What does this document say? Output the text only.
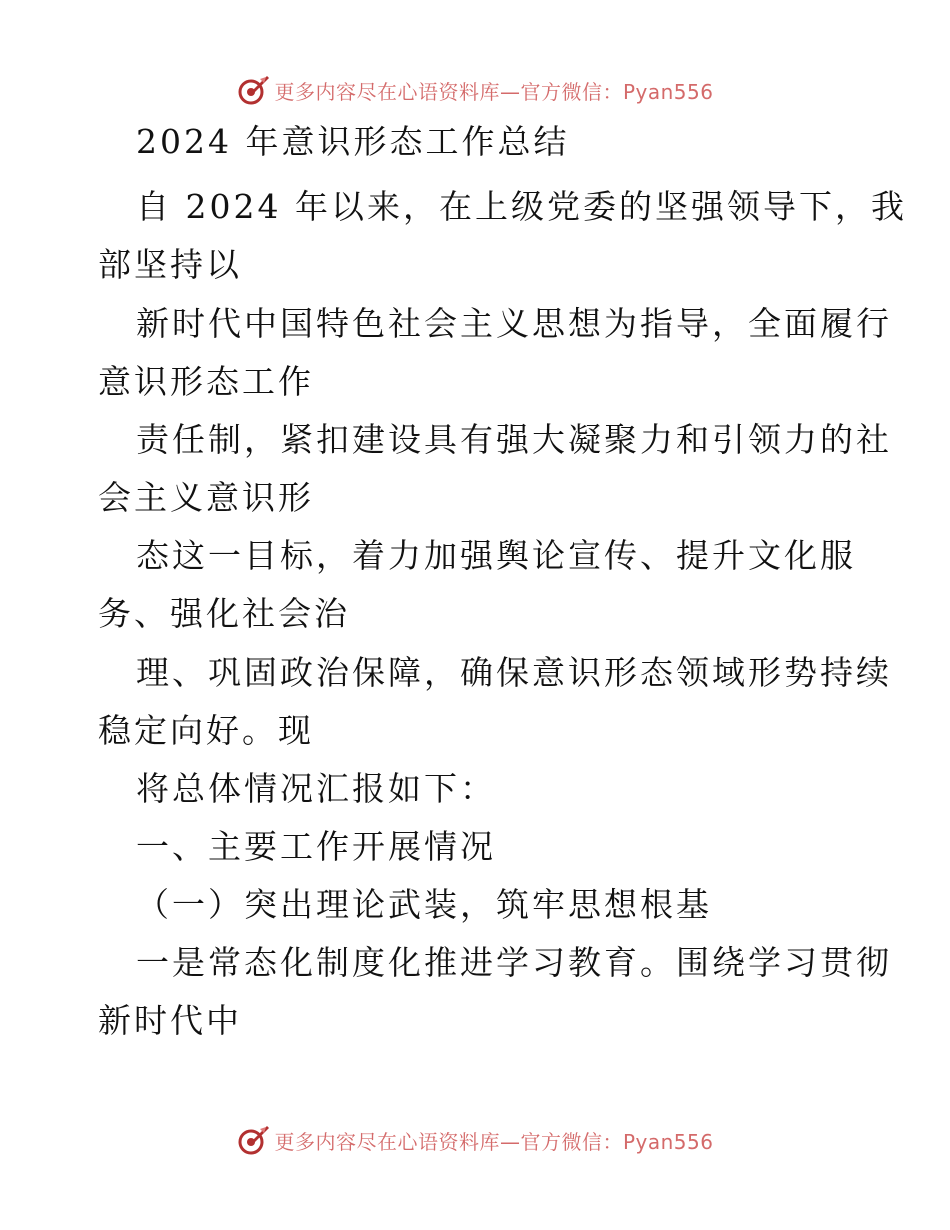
更多内容尽在心语资料库—官方微信：Pyan556
2024 年意识形态工作总结
自 2024 年以来，在上级党委的坚强领导下，我
部坚持以
新时代中国特色社会主义思想为指导，全面履行
意识形态工作
责任制，紧扣建设具有强大凝聚力和引领力的社
会主义意识形
态这一目标，着力加强舆论宣传、提升文化服
务、强化社会治
理、巩固政治保障，确保意识形态领域形势持续
稳定向好。现
将总体情况汇报如下：
一、主要工作开展情况
（一）突出理论武装，筑牢思想根基
一是常态化制度化推进学习教育。围绕学习贯彻
新时代中
更多内容尽在心语资料库—官方微信：Pyan556
